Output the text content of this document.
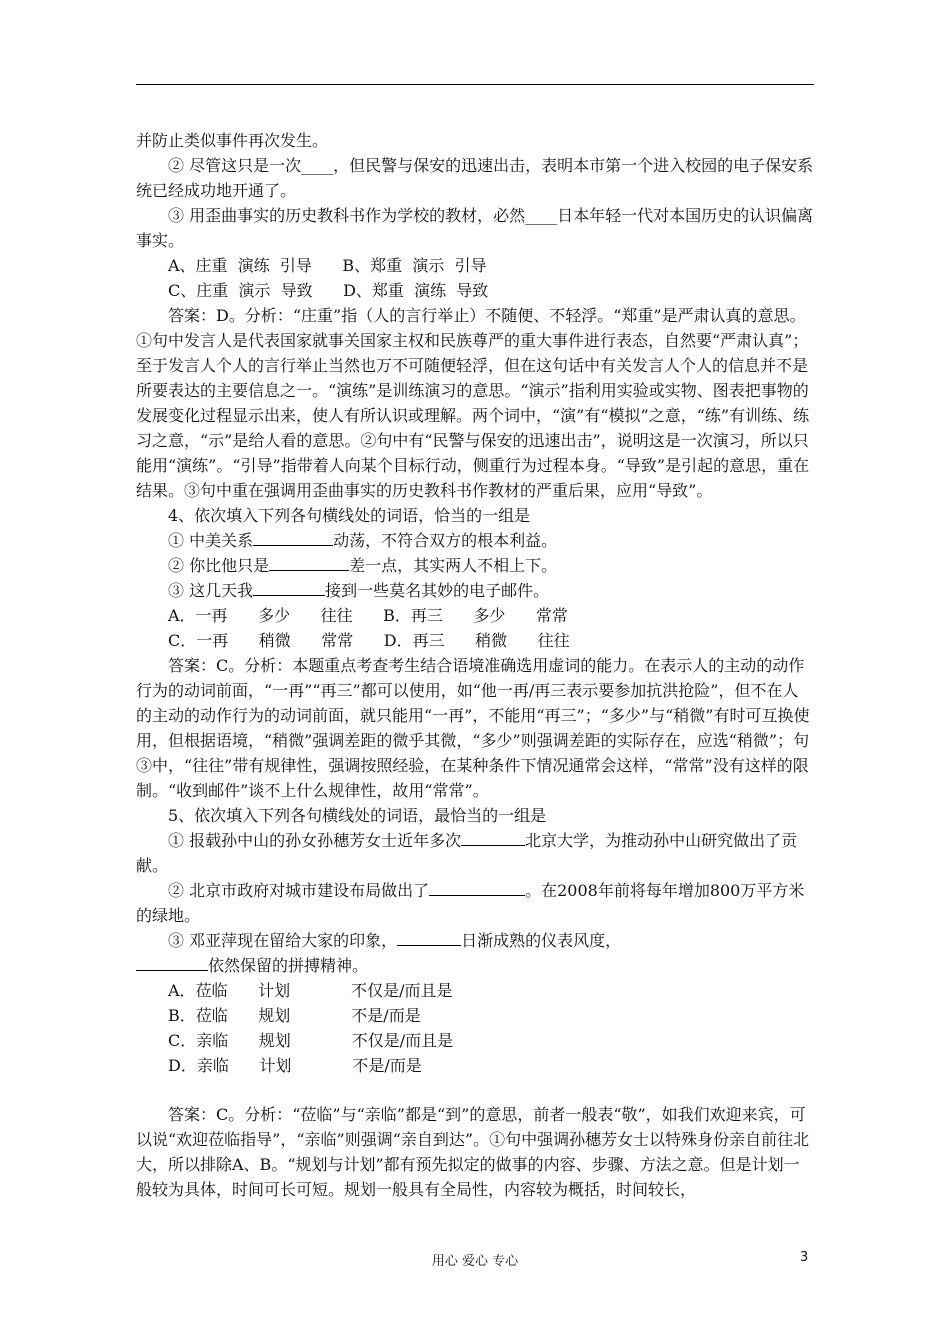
并防止类似事件再次发生。

② 尽管这只是一次____，但民警与保安的迅速出击，表明本市第一个进入校园的电子保安系统已经成功地开通了。

③ 用歪曲事实的历史教科书作为学校的教材，必然____日本年轻一代对本国历史的认识偏离事实。

A、庄重  演练  引导      B、郑重  演示  引导

C、庄重  演示  导致      D、郑重  演练  导致

答案：D。分析：“庄重”指（人的言行举止）不随便、不轻浮。“郑重”是严肃认真的意思。①句中发言人是代表国家就事关国家主权和民族尊严的重大事件进行表态，自然要“严肃认真”；至于发言人个人的言行举止当然也万不可随便轻浮，但在这句话中有关发言人个人的信息并不是所要表达的主要信息之一。“演练”是训练演习的意思。“演示”指利用实验或实物、图表把事物的发展变化过程显示出来，使人有所认识或理解。两个词中，“演”有“模拟”之意，“练”有训练、练习之意，“示”是给人看的意思。②句中有“民警与保安的迅速出击”，说明这是一次演习，所以只能用“演练”。“引导”指带着人向某个目标行动，侧重行为过程本身。“导致”是引起的意思，重在结果。③句中重在强调用歪曲事实的历史教科书作教材的严重后果，应用“导致”。

4、依次填入下列各句横线处的词语，恰当的一组是

① 中美关系	动荡，不符合双方的根本利益。

② 你比他只是	差一点，其实两人不相上下。

③ 这几天我	接到一些莫名其妙的电子邮件。

A．一再      多少      往往      B．再三      多少      常常

C．一再      稍微      常常      D．再三      稍微      往往

答案：C。分析：本题重点考查考生结合语境准确选用虚词的能力。在表示人的主动的动作行为的动词前面，“一再”“再三”都可以使用，如“他一再/再三表示要参加抗洪抢险”，但不在人的主动的动作行为的动词前面，就只能用“一再”，不能用“再三”；“多少”与“稍微”有时可互换使用，但根据语境，“稍微”强调差距的微乎其微，“多少”则强调差距的实际存在，应选“稍微”；句③中，“往往”带有规律性，强调按照经验，在某种条件下情况通常会这样，“常常”没有这样的限制。“收到邮件”谈不上什么规律性，故用“常常”。

5、依次填入下列各句横线处的词语，最恰当的一组是

① 报载孙中山的孙女孙穗芳女士近年多次	北京大学，为推动孙中山研究做出了贡献。

② 北京市政府对城市建设布局做出了	。在2008年前将每年增加800万平方米的绿地。

③ 邓亚萍现在留给大家的印象，	日渐成熟的仪表风度，

依然保留的拼搏精神。

A．莅临      计划            不仅是/而且是

B．莅临      规划            不是/而是

C．亲临      规划            不仅是/而且是

D．亲临      计划            不是/而是

答案：C。分析：“莅临”与“亲临”都是“到”的意思，前者一般表“敬”，如我们欢迎来宾，可以说“欢迎莅临指导”，“亲临”则强调“亲自到达”。①句中强调孙穗芳女士以特殊身份亲自前往北大，所以排除A、B。“规划与计划”都有预先拟定的做事的内容、步骤、方法之意。但是计划一般较为具体，时间可长可短。规划一般具有全局性，内容较为概括，时间较长，

用心 爱心 专心	3
